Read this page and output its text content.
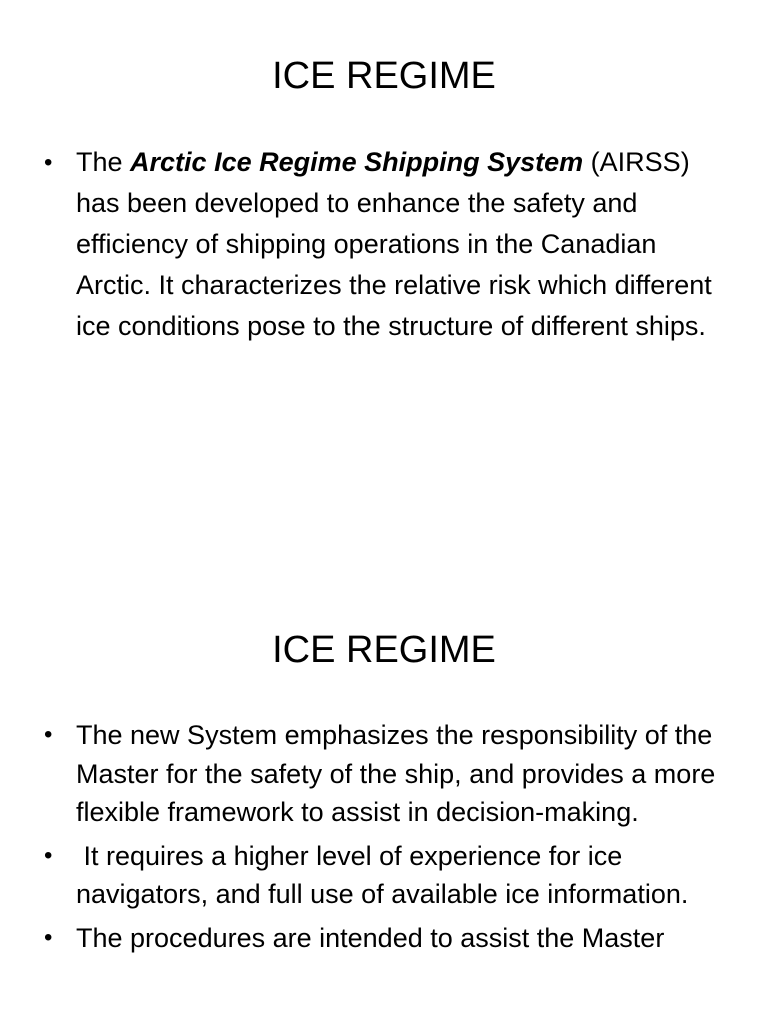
ICE REGIME
• The Arctic Ice Regime Shipping System (AIRSS) has been developed to enhance the safety and efficiency of shipping operations in the Canadian Arctic. It characterizes the relative risk which different ice conditions pose to the structure of different ships.
ICE REGIME
• The new System emphasizes the responsibility of the Master for the safety of the ship, and provides a more flexible framework to assist in decision-making.
• It requires a higher level of experience for ice navigators, and full use of available ice information.
• The procedures are intended to assist the Master
